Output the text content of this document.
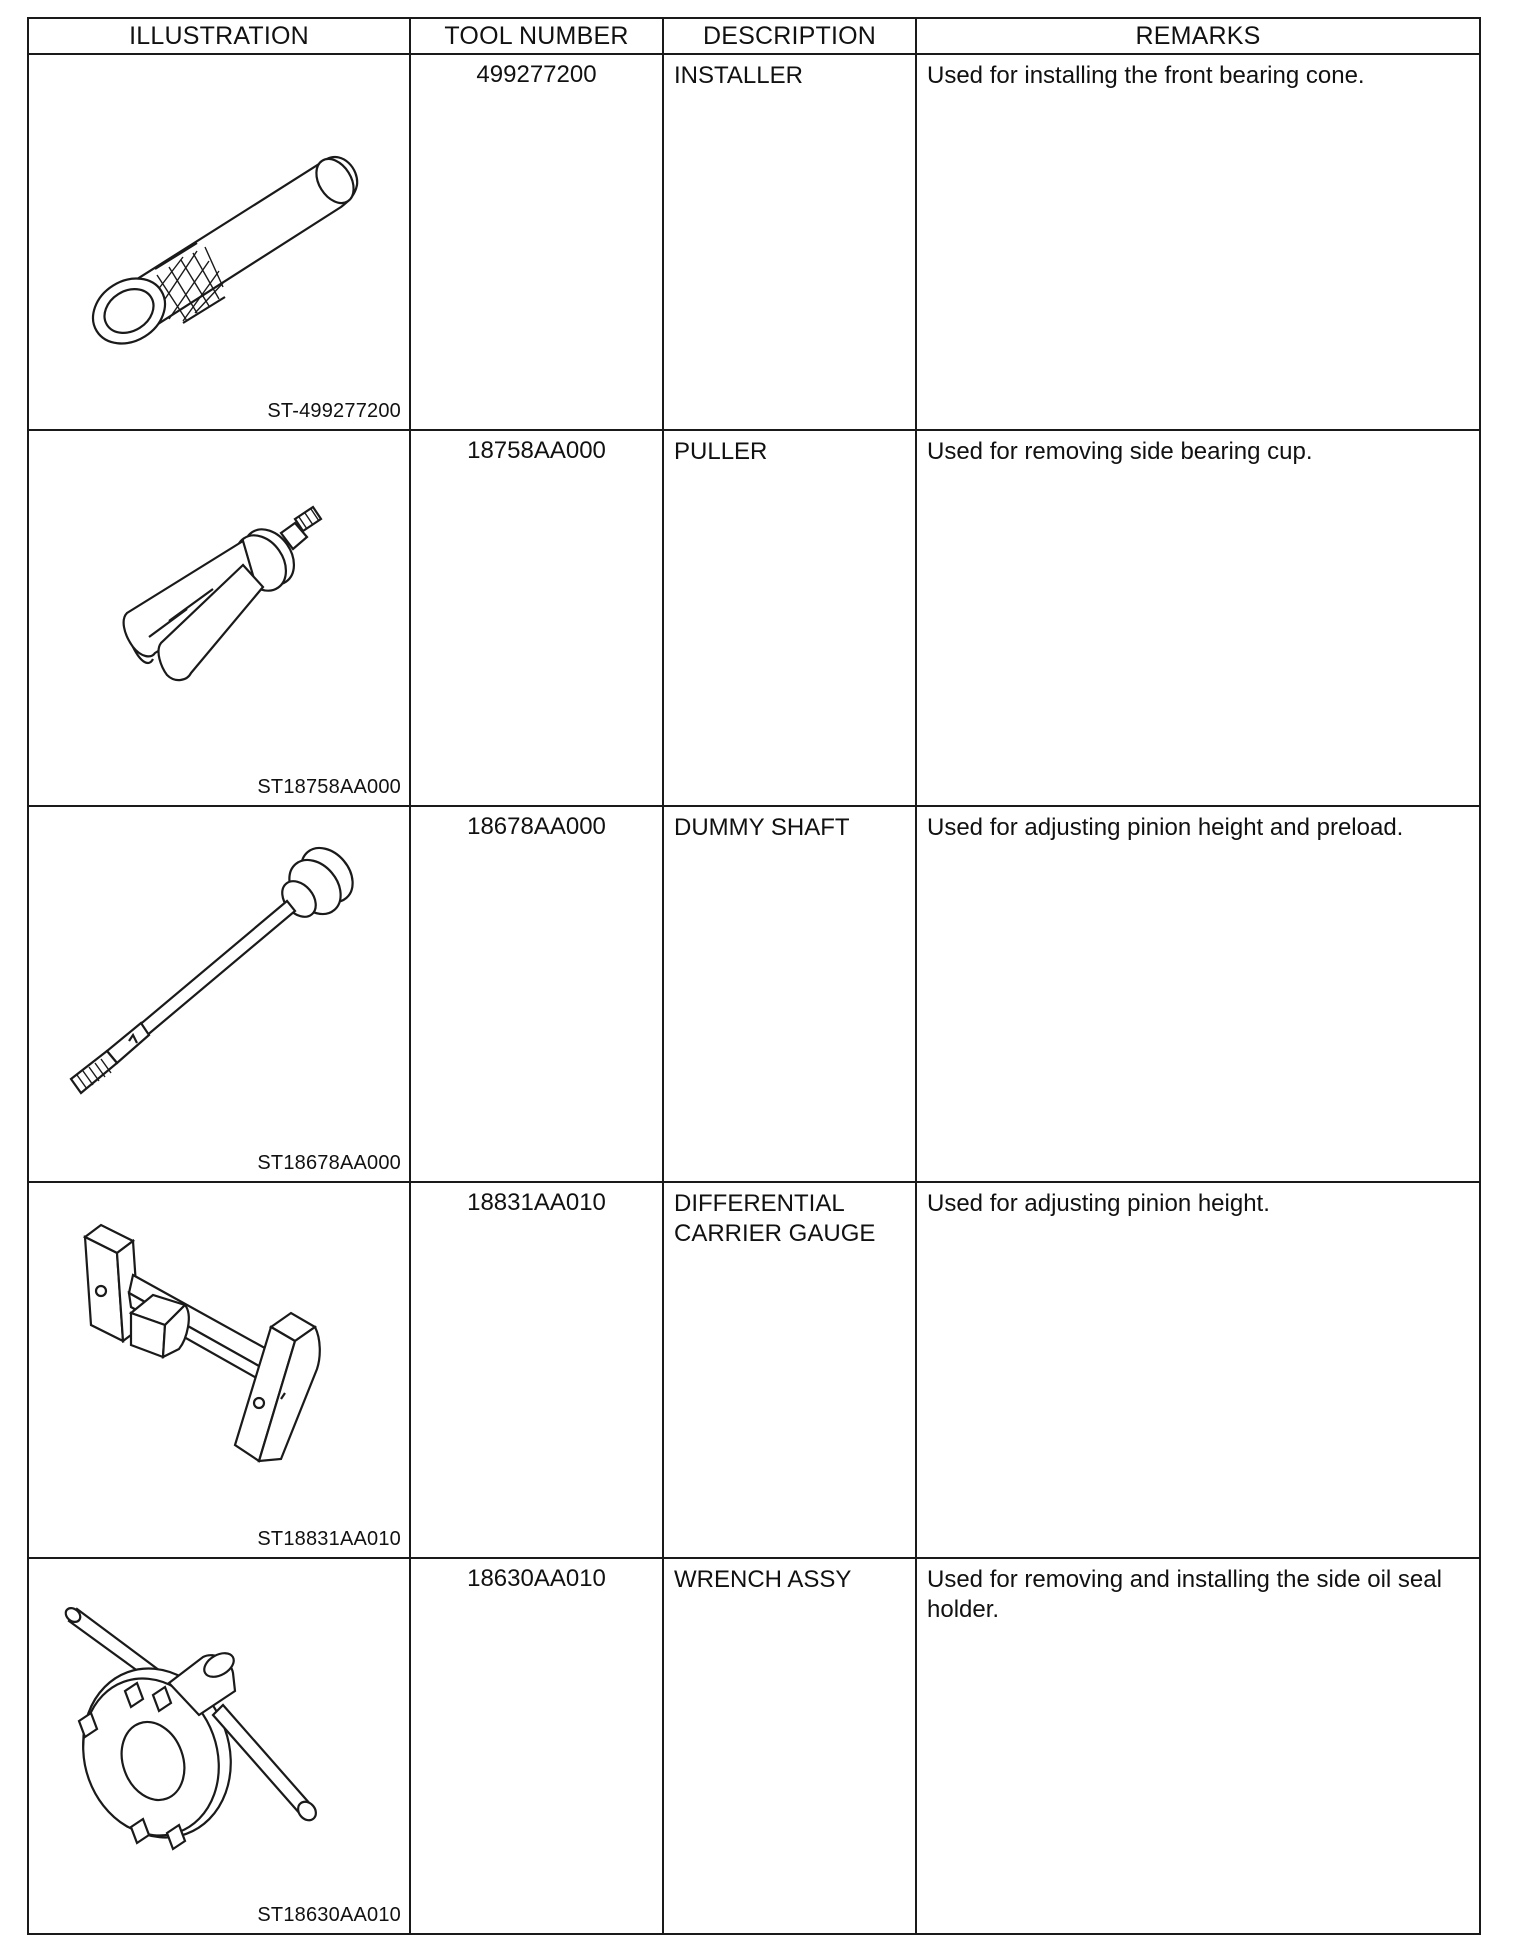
ILLUSTRATION	TOOL NUMBER	DESCRIPTION	REMARKS

ST-499277200	499277200	INSTALLER	Used for installing the front bearing cone.

ST18758AA000	18758AA000	PULLER	Used for removing side bearing cup.

ST18678AA000	18678AA000	DUMMY SHAFT	Used for adjusting pinion height and preload.

ST18831AA010	18831AA010	DIFFERENTIAL
CARRIER GAUGE	Used for adjusting pinion height.

ST18630AA010	18630AA010	WRENCH ASSY	Used for removing and installing the side oil seal holder.
